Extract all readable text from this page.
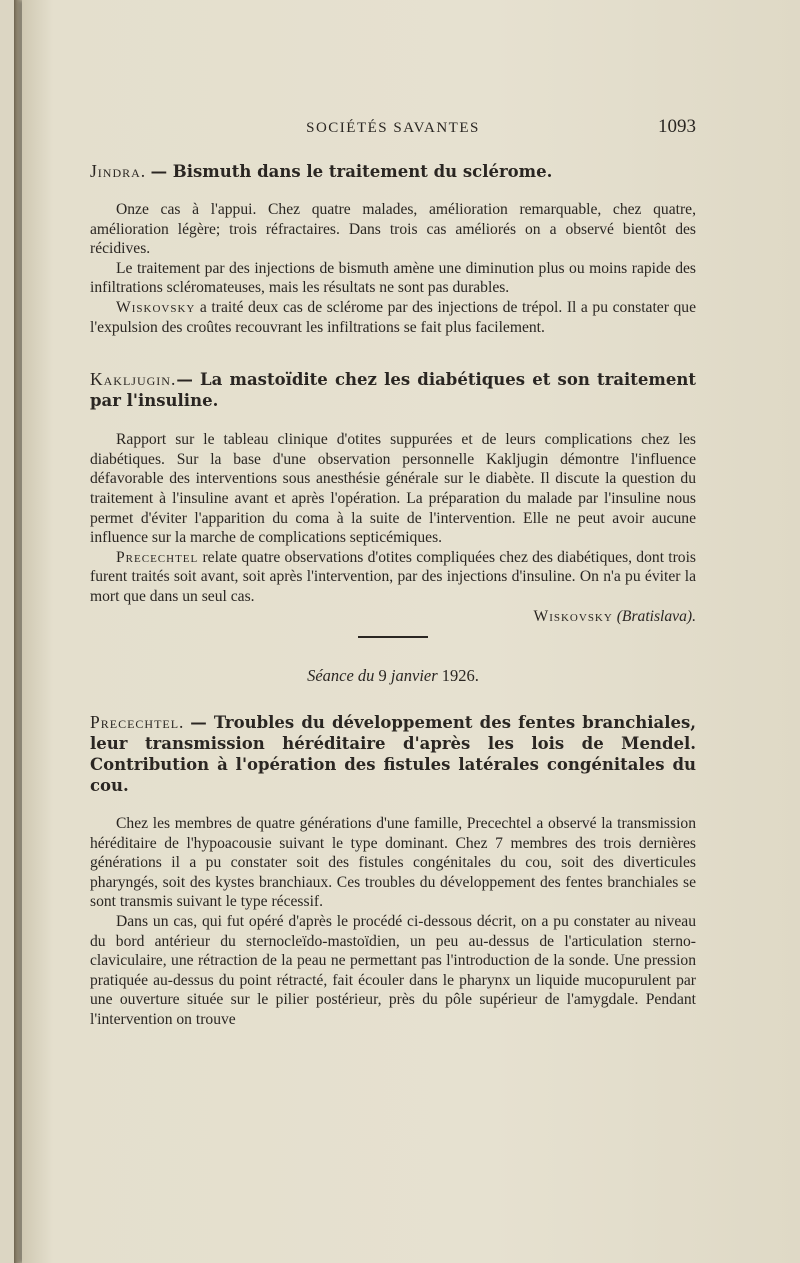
SOCIÉTÉS SAVANTES	1093

Jindra. — Bismuth dans le traitement du sclérome.

Onze cas à l'appui. Chez quatre malades, amélioration remarquable, chez quatre, amélioration légère; trois réfractaires. Dans trois cas améliorés on a observé bientôt des récidives.

Le traitement par des injections de bismuth amène une diminution plus ou moins rapide des infiltrations scléromateuses, mais les résultats ne sont pas durables.

Wiskovsky a traité deux cas de sclérome par des injections de trépol. Il a pu constater que l'expulsion des croûtes recouvrant les infiltrations se fait plus facilement.

Kakljugin.— La mastoïdite chez les diabétiques et son traitement par l'insuline.

Rapport sur le tableau clinique d'otites suppurées et de leurs complications chez les diabétiques. Sur la base d'une observation personnelle Kakljugin démontre l'influence défavorable des interventions sous anesthésie générale sur le diabète. Il discute la question du traitement à l'insuline avant et après l'opération. La préparation du malade par l'insuline nous permet d'éviter l'apparition du coma à la suite de l'intervention. Elle ne peut avoir aucune influence sur la marche de complications septicémiques.

Precechtel relate quatre observations d'otites compliquées chez des diabétiques, dont trois furent traités soit avant, soit après l'intervention, par des injections d'insuline. On n'a pu éviter la mort que dans un seul cas.

Wiskovsky (Bratislava).

Séance du 9 janvier 1926.

Precechtel. — Troubles du développement des fentes branchiales, leur transmission héréditaire d'après les lois de Mendel. Contribution à l'opération des fistules latérales congénitales du cou.

Chez les membres de quatre générations d'une famille, Precechtel a observé la transmission héréditaire de l'hypoacousie suivant le type dominant. Chez 7 membres des trois dernières générations il a pu constater soit des fistules congénitales du cou, soit des diverticules pharyngés, soit des kystes branchiaux. Ces troubles du développement des fentes branchiales se sont transmis suivant le type récessif.

Dans un cas, qui fut opéré d'après le procédé ci-dessous décrit, on a pu constater au niveau du bord antérieur du sternocleïdo-mastoïdien, un peu au-dessus de l'articulation sterno-claviculaire, une rétraction de la peau ne permettant pas l'introduction de la sonde. Une pression pratiquée au-dessus du point rétracté, fait écouler dans le pharynx un liquide mucopurulent par une ouverture située sur le pilier postérieur, près du pôle supérieur de l'amygdale. Pendant l'intervention on trouve
